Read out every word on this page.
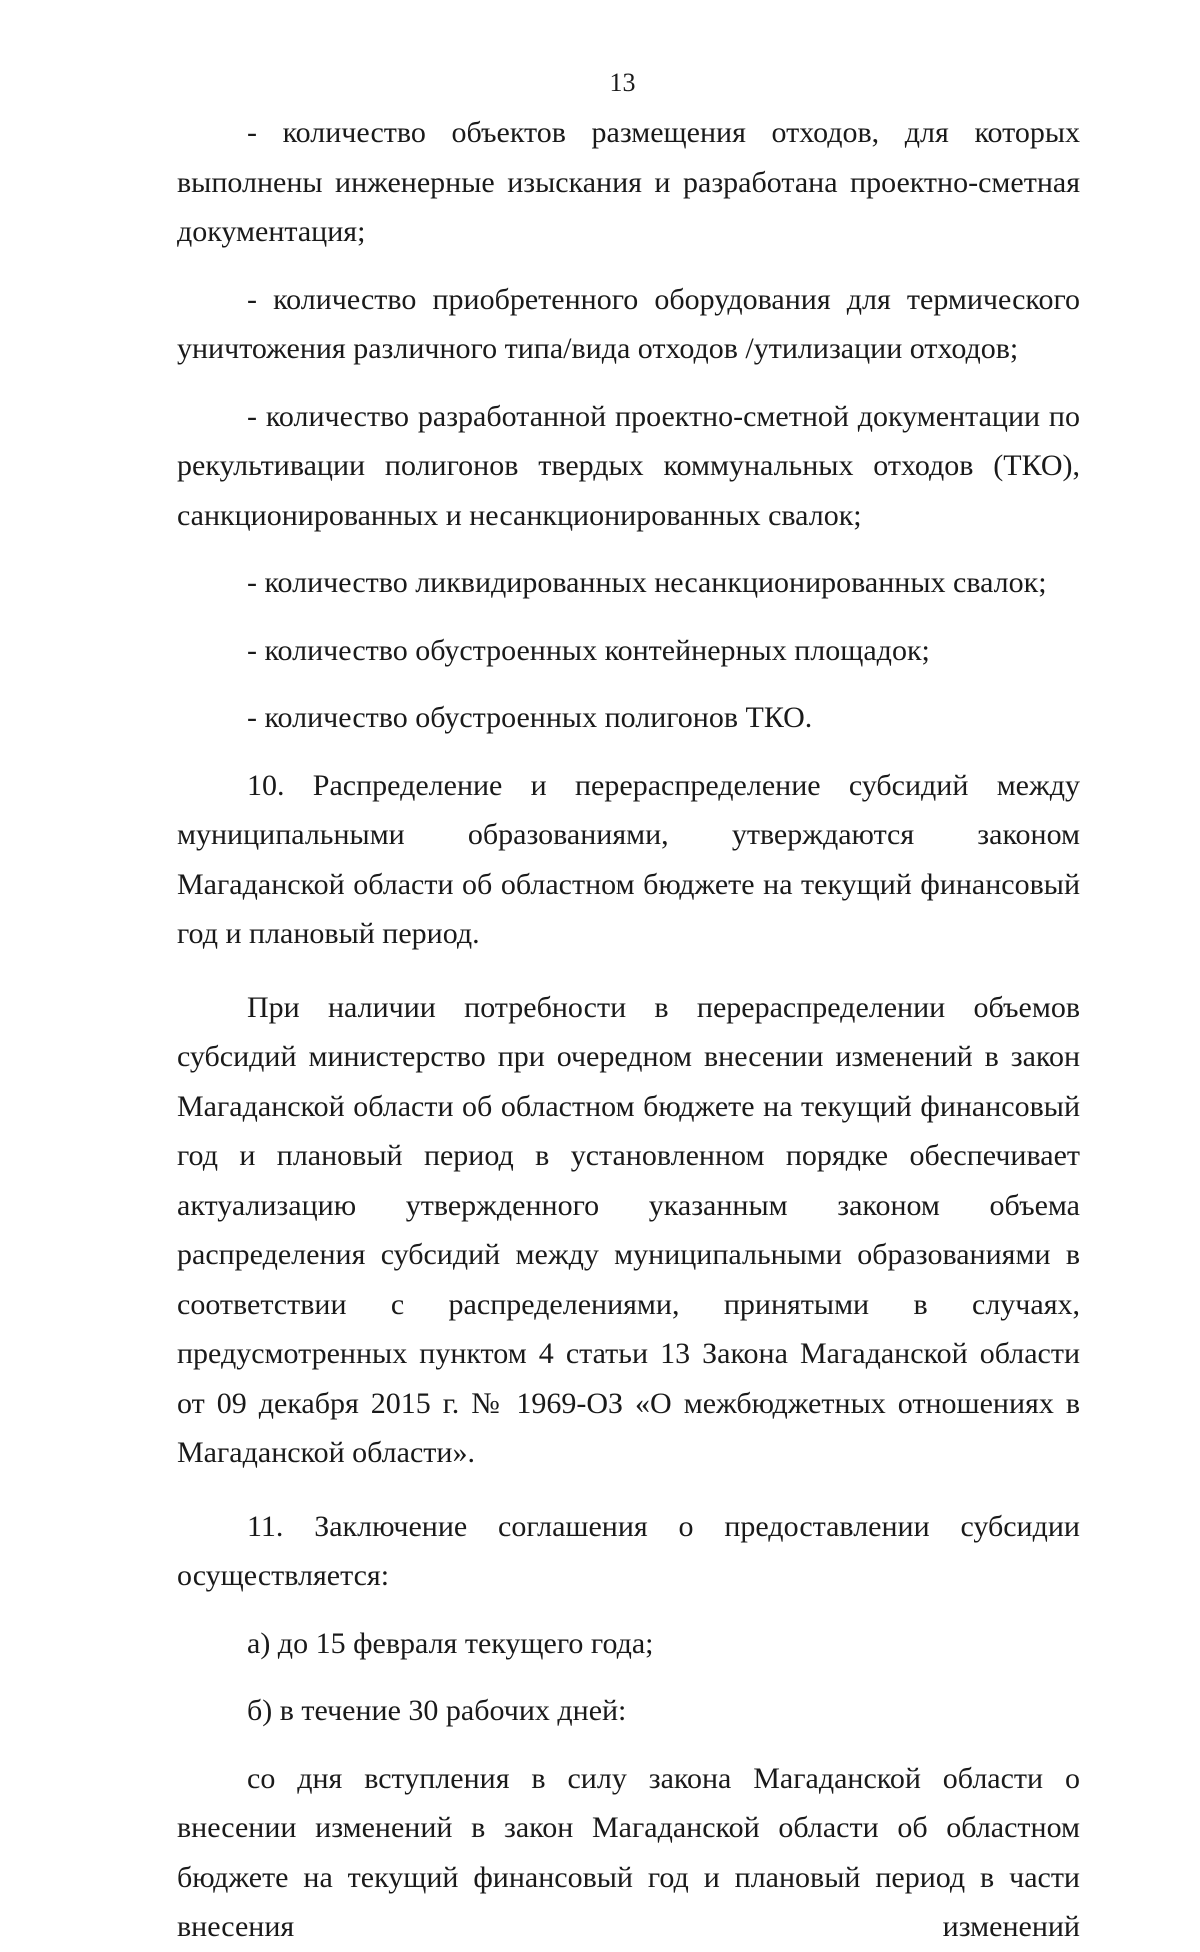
13

- количество объектов размещения отходов, для которых выполнены инженерные изыскания и разработана проектно-сметная документация;

- количество приобретенного оборудования для термического уничтожения различного типа/вида отходов /утилизации отходов;

- количество разработанной проектно-сметной документации по рекультивации полигонов твердых коммунальных отходов (ТКО), санкционированных и несанкционированных свалок;

- количество ликвидированных несанкционированных свалок;

- количество обустроенных контейнерных площадок;

- количество обустроенных полигонов ТКО.

10. Распределение и перераспределение субсидий между муниципальными образованиями, утверждаются законом Магаданской области об областном бюджете на текущий финансовый год и плановый период.

При наличии потребности в перераспределении объемов субсидий министерство при очередном внесении изменений в закон Магаданской области об областном бюджете на текущий финансовый год и плановый период в установленном порядке обеспечивает актуализацию утвержденного указанным законом объема распределения субсидий между муниципальными образованиями в соответствии с распределениями, принятыми в случаях, предусмотренных пунктом 4 статьи 13 Закона Магаданской области от 09 декабря 2015 г. № 1969-ОЗ «О межбюджетных отношениях в Магаданской области».

11. Заключение соглашения о предоставлении субсидии осуществляется:

а) до 15 февраля текущего года;

б) в течение 30 рабочих дней:

со дня вступления в силу закона Магаданской области о внесении изменений в закон Магаданской области об областном бюджете на текущий финансовый год и плановый период в части внесения изменений
